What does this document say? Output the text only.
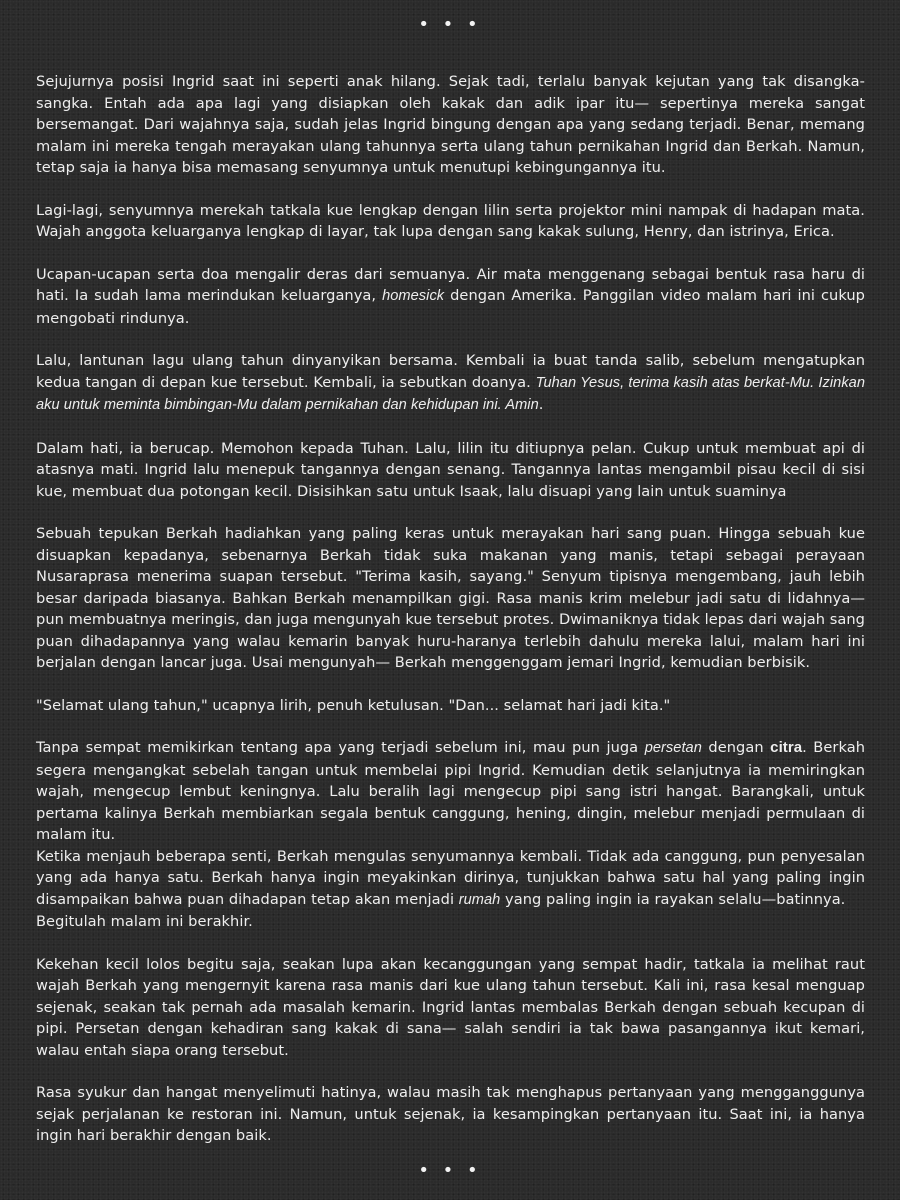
• • •

Sejujurnya posisi Ingrid saat ini seperti anak hilang. Sejak tadi, terlalu banyak kejutan yang tak disangka-sangka. Entah ada apa lagi yang disiapkan oleh kakak dan adik ipar itu— sepertinya mereka sangat bersemangat. Dari wajahnya saja, sudah jelas Ingrid bingung dengan apa yang sedang terjadi. Benar, memang malam ini mereka tengah merayakan ulang tahunnya serta ulang tahun pernikahan Ingrid dan Berkah. Namun, tetap saja ia hanya bisa memasang senyumnya untuk menutupi kebingungannya itu.

Lagi-lagi, senyumnya merekah tatkala kue lengkap dengan lilin serta projektor mini nampak di hadapan mata. Wajah anggota keluarganya lengkap di layar, tak lupa dengan sang kakak sulung, Henry, dan istrinya, Erica.

Ucapan-ucapan serta doa mengalir deras dari semuanya. Air mata menggenang sebagai bentuk rasa haru di hati. Ia sudah lama merindukan keluarganya, homesick dengan Amerika. Panggilan video malam hari ini cukup mengobati rindunya.

Lalu, lantunan lagu ulang tahun dinyanyikan bersama. Kembali ia buat tanda salib, sebelum mengatupkan kedua tangan di depan kue tersebut. Kembali, ia sebutkan doanya. Tuhan Yesus, terima kasih atas berkat-Mu. Izinkan aku untuk meminta bimbingan-Mu dalam pernikahan dan kehidupan ini. Amin.

Dalam hati, ia berucap. Memohon kepada Tuhan. Lalu, lilin itu ditiupnya pelan. Cukup untuk membuat api di atasnya mati. Ingrid lalu menepuk tangannya dengan senang. Tangannya lantas mengambil pisau kecil di sisi kue, membuat dua potongan kecil. Disisihkan satu untuk Isaak, lalu disuapi yang lain untuk suaminya

Sebuah tepukan Berkah hadiahkan yang paling keras untuk merayakan hari sang puan. Hingga sebuah kue disuapkan kepadanya, sebenarnya Berkah tidak suka makanan yang manis, tetapi sebagai perayaan Nusaraprasa menerima suapan tersebut. "Terima kasih, sayang." Senyum tipisnya mengembang, jauh lebih besar daripada biasanya. Bahkan Berkah menampilkan gigi. Rasa manis krim melebur jadi satu di lidahnya—pun membuatnya meringis, dan juga mengunyah kue tersebut protes. Dwimaniknya tidak lepas dari wajah sang puan dihadapannya yang walau kemarin banyak huru-haranya terlebih dahulu mereka lalui, malam hari ini berjalan dengan lancar juga. Usai mengunyah— Berkah menggenggam jemari Ingrid, kemudian berbisik.

"Selamat ulang tahun," ucapnya lirih, penuh ketulusan. "Dan... selamat hari jadi kita."

Tanpa sempat memikirkan tentang apa yang terjadi sebelum ini, mau pun juga persetan dengan citra. Berkah segera mengangkat sebelah tangan untuk membelai pipi Ingrid. Kemudian detik selanjutnya ia memiringkan wajah, mengecup lembut keningnya. Lalu beralih lagi mengecup pipi sang istri hangat. Barangkali, untuk pertama kalinya Berkah membiarkan segala bentuk canggung, hening, dingin, melebur menjadi permulaan di malam itu.

Ketika menjauh beberapa senti, Berkah mengulas senyumannya kembali. Tidak ada canggung, pun penyesalan yang ada hanya satu. Berkah hanya ingin meyakinkan dirinya, tunjukkan bahwa satu hal yang paling ingin disampaikan bahwa puan dihadapan tetap akan menjadi rumah yang paling ingin ia rayakan selalu—batinnya.

Begitulah malam ini berakhir.

Kekehan kecil lolos begitu saja, seakan lupa akan kecanggungan yang sempat hadir, tatkala ia melihat raut wajah Berkah yang mengernyit karena rasa manis dari kue ulang tahun tersebut. Kali ini, rasa kesal menguap sejenak, seakan tak pernah ada masalah kemarin. Ingrid lantas membalas Berkah dengan sebuah kecupan di pipi. Persetan dengan kehadiran sang kakak di sana— salah sendiri ia tak bawa pasangannya ikut kemari, walau entah siapa orang tersebut.

Rasa syukur dan hangat menyelimuti hatinya, walau masih tak menghapus pertanyaan yang mengganggunya sejak perjalanan ke restoran ini. Namun, untuk sejenak, ia kesampingkan pertanyaan itu. Saat ini, ia hanya ingin hari berakhir dengan baik.

• • •
